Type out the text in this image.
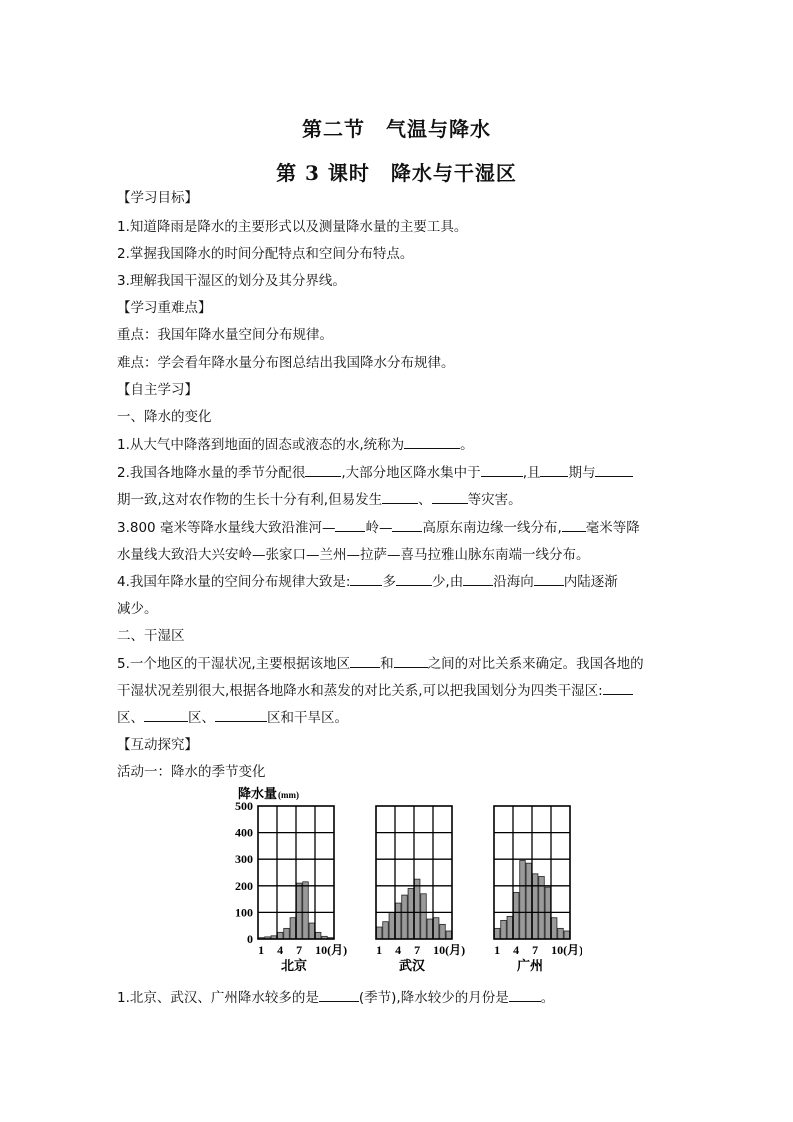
第二节　气温与降水
第 3 课时　降水与干湿区
【学习目标】
1.知道降雨是降水的主要形式以及测量降水量的主要工具。
2.掌握我国降水的时间分配特点和空间分布特点。
3.理解我国干湿区的划分及其分界线。
【学习重难点】
重点：我国年降水量空间分布规律。
难点：学会看年降水量分布图总结出我国降水分布规律。
【自主学习】
一、降水的变化
1.从大气中降落到地面的固态或液态的水,统称为	。
2.我国各地降水量的季节分配很	,大部分地区降水集中于	,且 期与
期一致,这对农作物的生长十分有利,但易发生	、	等灾害。
3.800 毫米等降水量线大致沿淮河— 岭— 高原东南边缘一线分布, 毫米等降
水量线大致沿大兴安岭—张家口—兰州—拉萨—喜马拉雅山脉东南端一线分布。
4.我国年降水量的空间分布规律大致是: 多	少,由 沿海向 内陆逐渐
减少。
二、干湿区
5.一个地区的干湿状况,主要根据该地区 和	之间的对比关系来确定。我国各地的
干湿状况差别很大,根据各地降水和蒸发的对比关系,可以把我国划分为四类干湿区:
区、	区、	区和干旱区。
【互动探究】
活动一：降水的季节变化
降水量 (mm)
0
100
200
300
400
500
1 4 7 10(月)
北京
1 4 7 10(月)
武汉
1 4 7 10(月)
广州
1.北京、武汉、广州降水较多的是	(季节),降水较少的月份是 。
